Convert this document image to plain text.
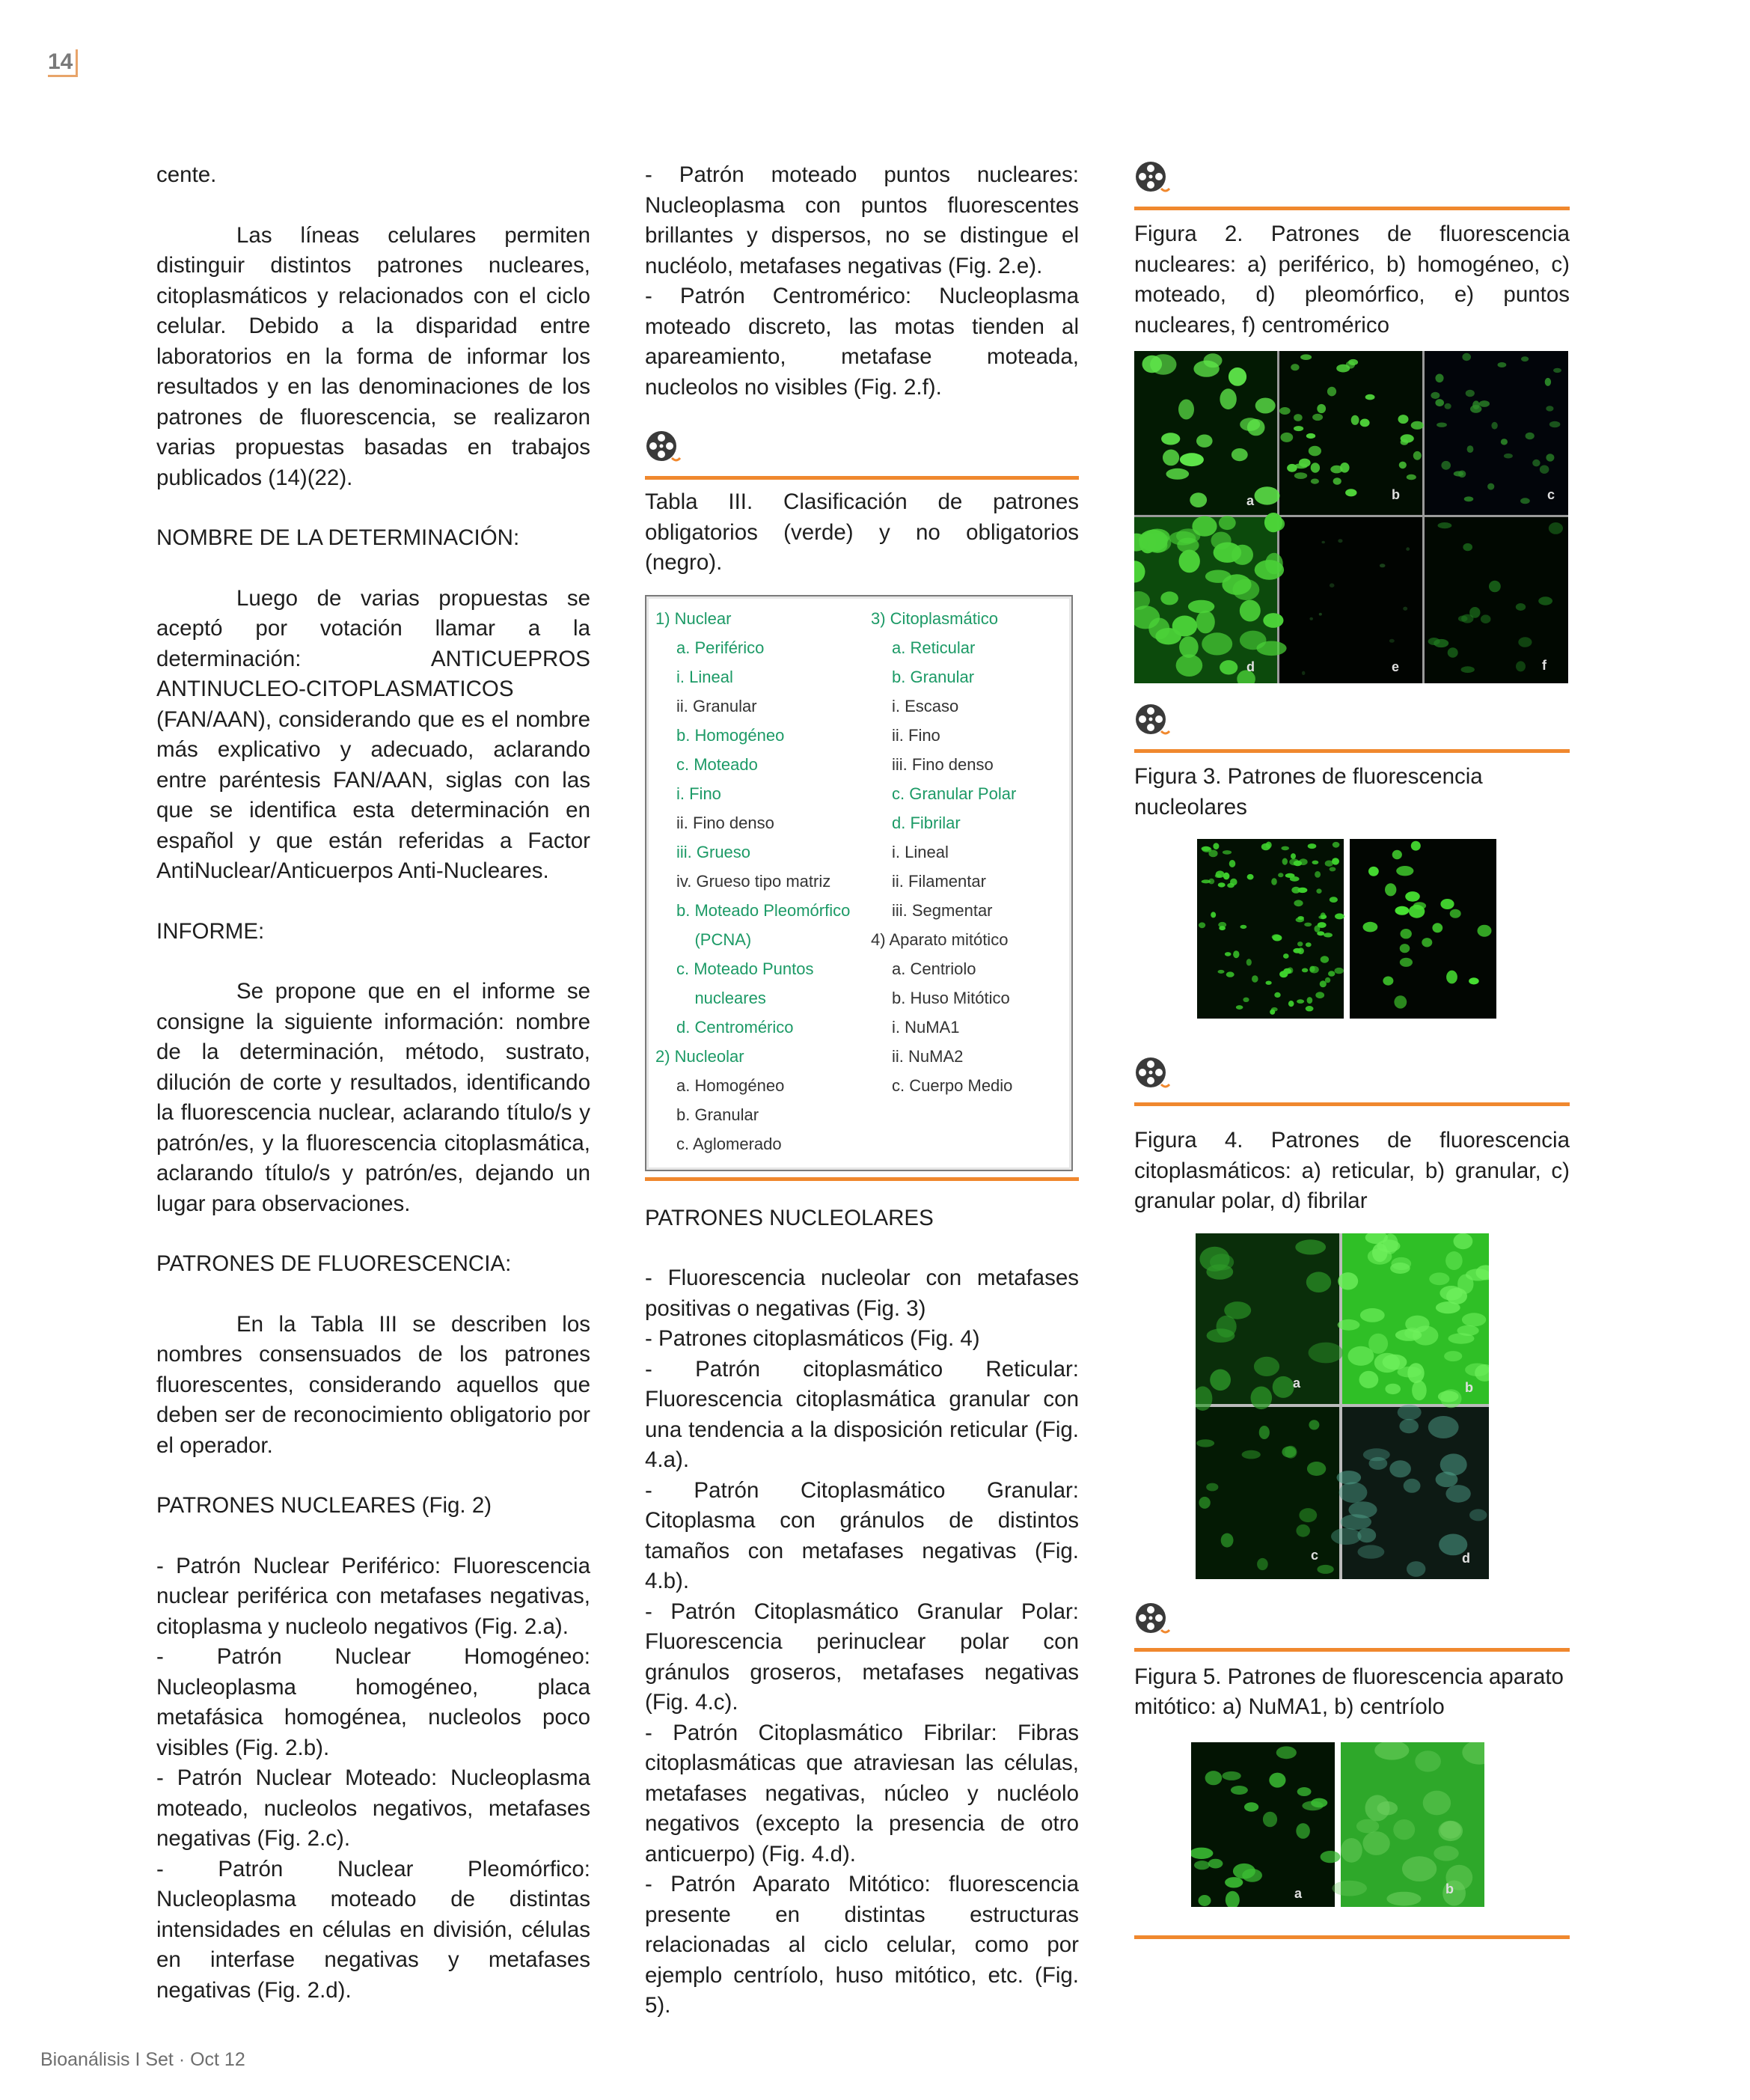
14

cente.

Las líneas celulares permiten distinguir distintos patrones nucleares, citoplasmáticos y relacionados con el ciclo celular. Debido a la disparidad entre laboratorios en la forma de informar los resultados y en las denominaciones de los patrones de fluorescencia, se realizaron varias propuestas basadas en trabajos publicados (14)(22).

NOMBRE DE LA DETERMINACIÓN:

Luego de varias propuestas se aceptó por votación llamar a la determinación: ANTICUEPROS ANTINUCLEO-CITOPLASMATICOS (FAN/AAN), considerando que es el nombre más explicativo y adecuado, aclarando entre paréntesis FAN/AAN, siglas con las que se identifica esta determinación en español y que están referidas a Factor AntiNuclear/Anticuerpos Anti-Nucleares.

INFORME:

Se propone que en el informe se consigne la siguiente información: nombre de la determinación, método, sustrato, dilución de corte y resultados, identificando la fluorescencia nuclear, aclarando título/s y patrón/es, y la fluorescencia citoplasmática, aclarando título/s y patrón/es, dejando un lugar para observaciones.

PATRONES DE FLUORESCENCIA:

En la Tabla III se describen los nombres consensuados de los patrones fluorescentes, considerando aquellos que deben ser de reconocimiento obligatorio por el operador.

PATRONES NUCLEARES (Fig. 2)

- Patrón Nuclear Periférico: Fluorescencia nuclear periférica con metafases negativas, citoplasma y nucleolo negativos (Fig. 2.a).

- Patrón Nuclear Homogéneo: Nucleoplasma homogéneo, placa metafásica homogénea, nucleolos poco visibles (Fig. 2.b).

- Patrón Nuclear Moteado: Nucleoplasma moteado, nucleolos negativos, metafases negativas (Fig. 2.c).

- Patrón Nuclear Pleomórfico: Nucleoplasma moteado de distintas intensidades en células en división, células en interfase negativas y metafases negativas (Fig. 2.d).

- Patrón moteado puntos nucleares: Nucleoplasma con puntos fluorescentes brillantes y dispersos, no se distingue el nucléolo, metafases negativas (Fig. 2.e).

- Patrón Centromérico: Nucleoplasma moteado discreto, las motas tienden al apareamiento, metafase moteada, nucleolos no visibles (Fig. 2.f).

Tabla III. Clasificación de patrones obligatorios (verde) y no obligatorios (negro).

1) Nuclear
a. Periférico
i. Lineal
ii. Granular
b. Homogéneo
c. Moteado
i. Fino
ii. Fino denso
iii. Grueso
iv. Grueso tipo matriz
b. Moteado Pleomórfico
(PCNA)
c. Moteado Puntos
nucleares
d. Centromérico
2) Nucleolar
a. Homogéneo
b. Granular
c. Aglomerado
3) Citoplasmático
a. Reticular
b. Granular
i. Escaso
ii. Fino
iii. Fino denso
c. Granular Polar
d. Fibrilar
i. Lineal
ii. Filamentar
iii. Segmentar
4) Aparato mitótico
a. Centriolo
b. Huso Mitótico
i. NuMA1
ii. NuMA2
c. Cuerpo Medio

PATRONES NUCLEOLARES

- Fluorescencia nucleolar con metafases positivas o negativas (Fig. 3)

- Patrones citoplasmáticos (Fig. 4)

- Patrón citoplasmático Reticular: Fluorescencia citoplasmática granular con una tendencia a la disposición reticular (Fig. 4.a).

- Patrón Citoplasmático Granular: Citoplasma con gránulos de distintos tamaños con metafases negativas (Fig. 4.b).

- Patrón Citoplasmático Granular Polar: Fluorescencia perinuclear polar con gránulos groseros, metafases negativas (Fig. 4.c).

- Patrón Citoplasmático Fibrilar: Fibras citoplasmáticas que atraviesan las células, metafases negativas, núcleo y nucléolo negativos (excepto la presencia de otro anticuerpo) (Fig. 4.d).

- Patrón Aparato Mitótico: fluorescencia presente en distintas estructuras relacionadas al ciclo celular, como por ejemplo centríolo, huso mitótico, etc. (Fig. 5).

Figura 2. Patrones de fluorescencia nucleares: a) periférico, b) homogéneo, c) moteado, d) pleomórfico, e) puntos nucleares, f) centromérico

a	b	c
d	e	f

Figura 3. Patrones de fluorescencia nucleolares

Figura 4. Patrones de fluorescencia citoplasmáticos: a) reticular, b) granular, c) granular polar, d) fibrilar

a	b
c	d

Figura 5. Patrones de fluorescencia aparato mitótico: a) NuMA1, b) centríolo

a	b
Bioanálisis I Set · Oct 12
